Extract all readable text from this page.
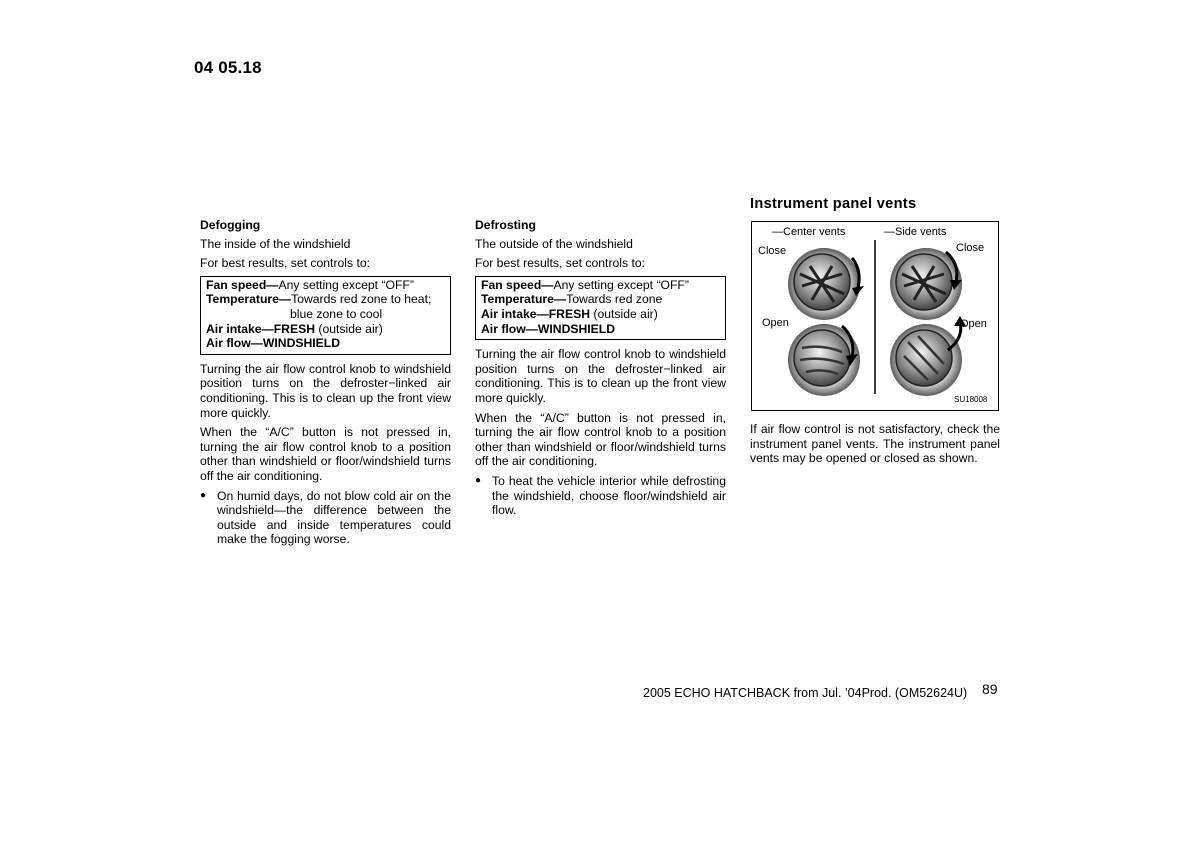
04 05.18
Defogging

The inside of the windshield

For best results, set controls to:

Fan speed—Any setting except “OFF”
Temperature—Towards red zone to heat;
blue zone to cool
Air intake—FRESH (outside air)
Air flow—WINDSHIELD

Turning the air flow control knob to windshield position turns on the defroster−linked air conditioning. This is to clean up the front view more quickly.

When the “A/C” button is not pressed in, turning the air flow control knob to a position other than windshield or floor/windshield turns off the air conditioning.

● On humid days, do not blow cold air on the windshield—the difference between the outside and inside temperatures could make the fogging worse.
Defrosting

The outside of the windshield

For best results, set controls to:

Fan speed—Any setting except “OFF”
Temperature—Towards red zone
Air intake—FRESH (outside air)
Air flow—WINDSHIELD

Turning the air flow control knob to windshield position turns on the defroster−linked air conditioning. This is to clean up the front view more quickly.

When the “A/C” button is not pressed in, turning the air flow control knob to a position other than windshield or floor/windshield turns off the air conditioning.

● To heat the vehicle interior while defrosting the windshield, choose floor/windshield air flow.
Instrument panel vents
—Center vents	—Side vents
Close	Close
Open	Open
SU18008
If air flow control is not satisfactory, check the instrument panel vents. The instrument panel vents may be opened or closed as shown.
2005 ECHO HATCHBACK from Jul. ’04Prod. (OM52624U) 89
